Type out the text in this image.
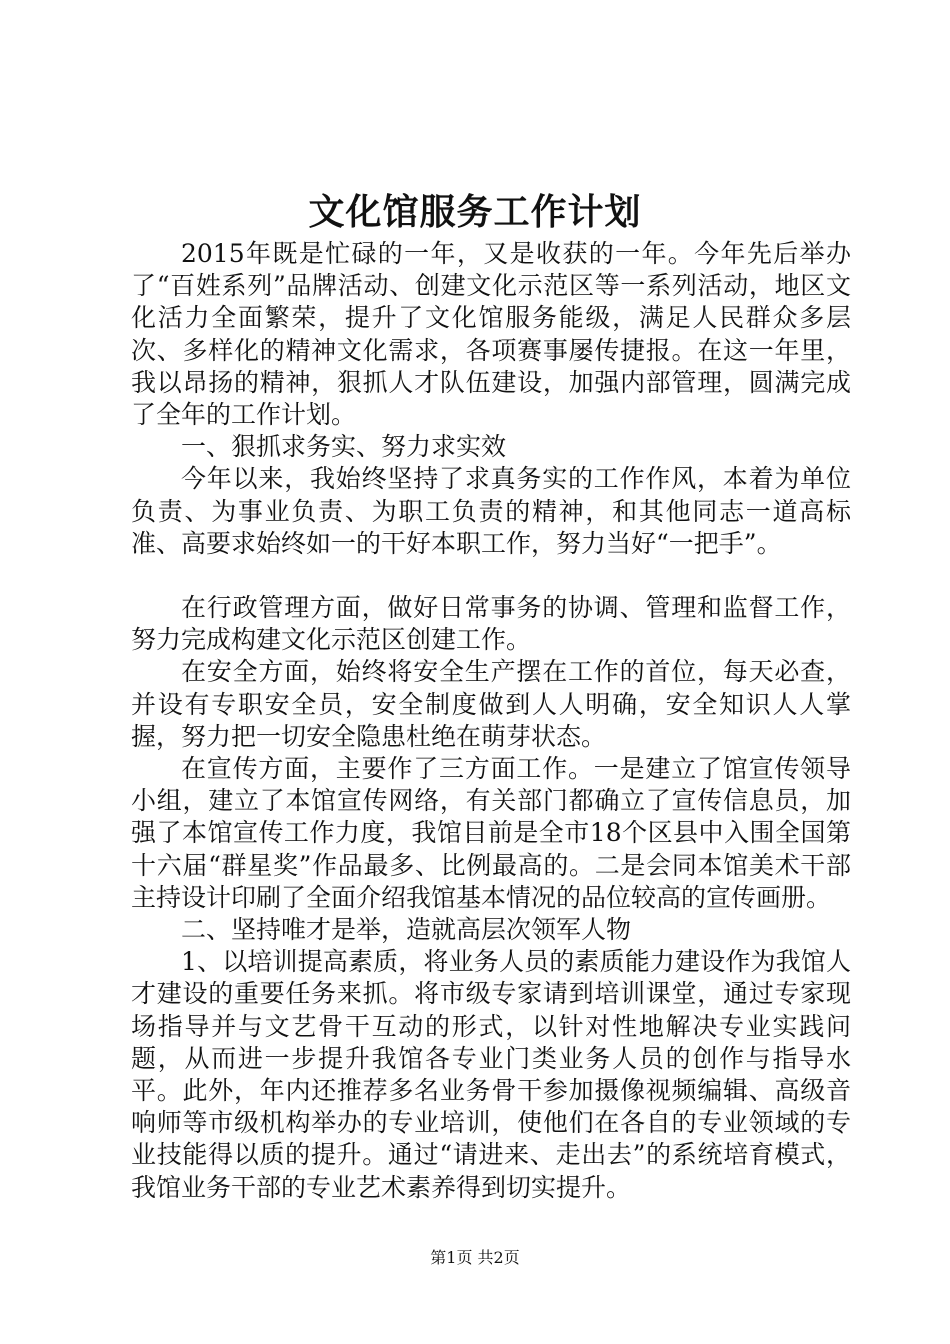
文化馆服务工作计划

2015年既是忙碌的一年，又是收获的一年。今年先后举办了“百姓系列”品牌活动、创建文化示范区等一系列活动，地区文化活力全面繁荣，提升了文化馆服务能级，满足人民群众多层次、多样化的精神文化需求，各项赛事屡传捷报。在这一年里，我以昂扬的精神，狠抓人才队伍建设，加强内部管理，圆满完成了全年的工作计划。

一、狠抓求务实、努力求实效

今年以来，我始终坚持了求真务实的工作作风，本着为单位负责、为事业负责、为职工负责的精神，和其他同志一道高标准、高要求始终如一的干好本职工作，努力当好“一把手”。

在行政管理方面，做好日常事务的协调、管理和监督工作，努力完成构建文化示范区创建工作。

在安全方面，始终将安全生产摆在工作的首位，每天必查，并设有专职安全员，安全制度做到人人明确，安全知识人人掌握，努力把一切安全隐患杜绝在萌芽状态。

在宣传方面，主要作了三方面工作。一是建立了馆宣传领导小组，建立了本馆宣传网络，有关部门都确立了宣传信息员，加强了本馆宣传工作力度，我馆目前是全市18个区县中入围全国第十六届“群星奖”作品最多、比例最高的。二是会同本馆美术干部主持设计印刷了全面介绍我馆基本情况的品位较高的宣传画册。

二、坚持唯才是举，造就高层次领军人物

1、以培训提高素质，将业务人员的素质能力建设作为我馆人才建设的重要任务来抓。将市级专家请到培训课堂，通过专家现场指导并与文艺骨干互动的形式，以针对性地解决专业实践问题，从而进一步提升我馆各专业门类业务人员的创作与指导水平。此外，年内还推荐多名业务骨干参加摄像视频编辑、高级音响师等市级机构举办的专业培训，使他们在各自的专业领域的专业技能得以质的提升。通过“请进来、走出去”的系统培育模式，我馆业务干部的专业艺术素养得到切实提升。

第1页 共2页
